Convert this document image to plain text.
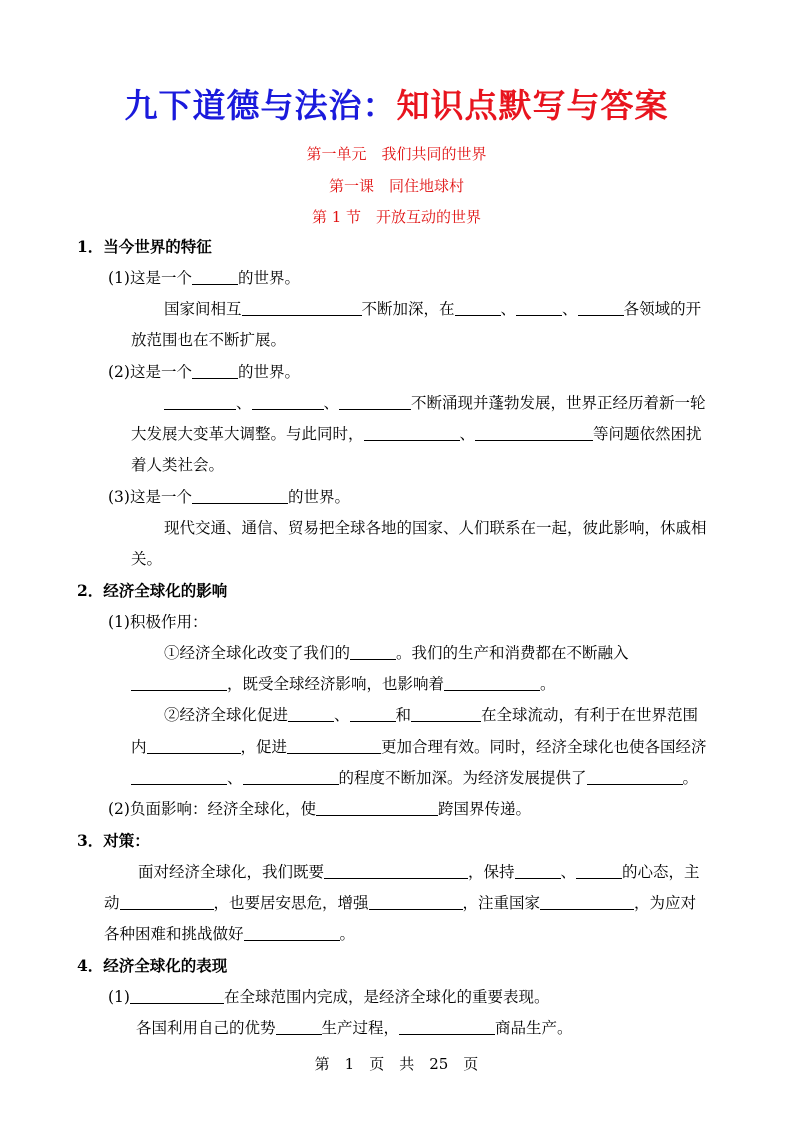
九下道德与法治：知识点默写与答案
第一单元　我们共同的世界
第一课　同住地球村
第 1 节　开放互动的世界
1．当今世界的特征
(1)这是一个	的世界。
国家间相互	不断加深，在	、	、	各领域的开
放范围也在不断扩展。
(2)这是一个	的世界。
、	、	不断涌现并蓬勃发展，世界正经历着新一轮
大发展大变革大调整。与此同时，	、	等问题依然困扰
着人类社会。
(3)这是一个	的世界。
现代交通、通信、贸易把全球各地的国家、人们联系在一起，彼此影响，休戚相
关。
2．经济全球化的影响
(1)积极作用：
①经济全球化改变了我们的	。我们的生产和消费都在不断融入
，既受全球经济影响，也影响着	。
②经济全球化促进	、	和	在全球流动，有利于在世界范围
内	，促进	更加合理有效。同时，经济全球化也使各国经济
、	的程度不断加深。为经济发展提供了	。
(2)负面影响：经济全球化，使	跨国界传递。
3．对策：
面对经济全球化，我们既要	，保持	、	的心态，主
动	，也要居安思危，增强	，注重国家	，为应对
各种困难和挑战做好	。
4．经济全球化的表现
(1)	在全球范围内完成，是经济全球化的重要表现。
各国利用自己的优势	生产过程，	商品生产。
第　1　页　共　25　页
